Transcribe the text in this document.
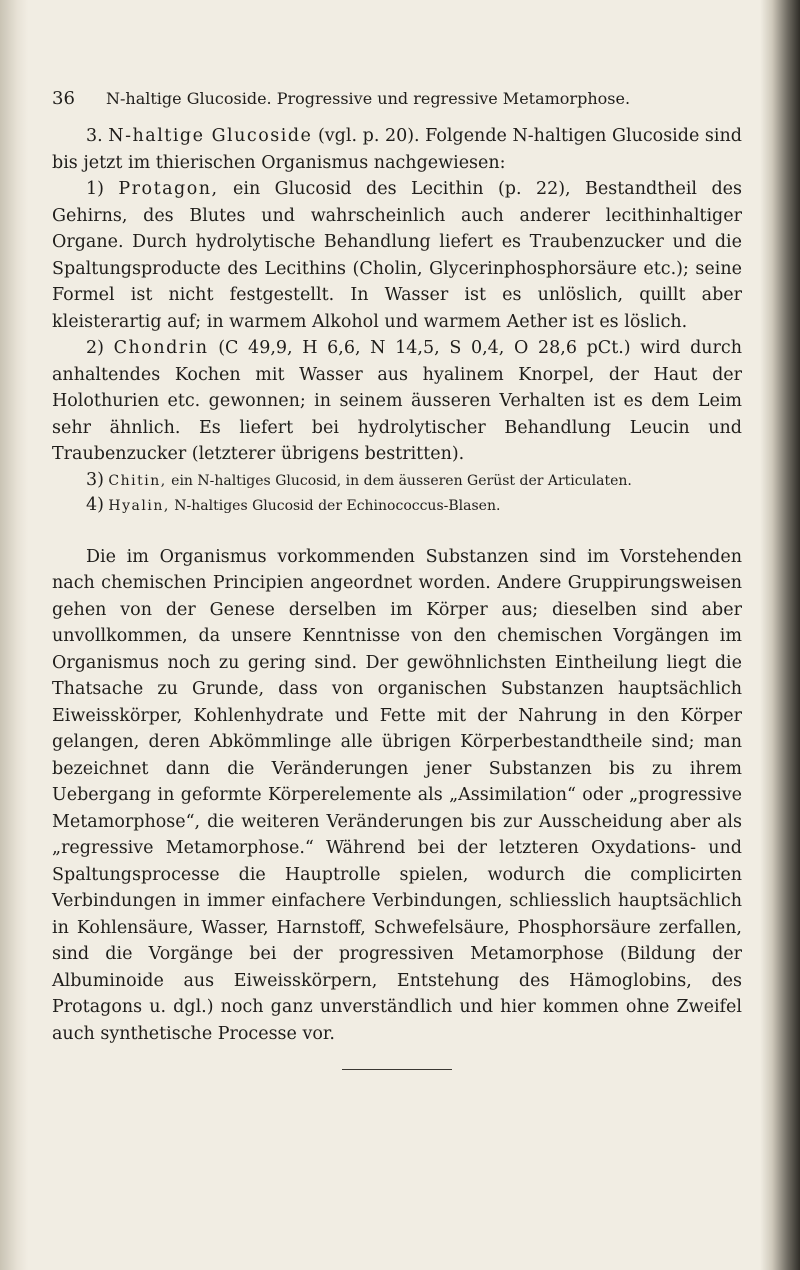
36 N-haltige Glucoside. Progressive und regressive Metamorphose.

3. N-haltige Glucoside (vgl. p. 20). Folgende N-haltigen Glucoside sind bis jetzt im thierischen Organismus nachgewiesen:

1) Protagon, ein Glucosid des Lecithin (p. 22), Bestandtheil des Gehirns, des Blutes und wahrscheinlich auch anderer lecithinhaltiger Organe. Durch hydrolytische Behandlung liefert es Traubenzucker und die Spaltungsproducte des Lecithins (Cholin, Glycerinphosphorsäure etc.); seine Formel ist nicht festgestellt. In Wasser ist es unlöslich, quillt aber kleisterartig auf; in warmem Alkohol und warmem Aether ist es löslich.

2) Chondrin (C 49,9, H 6,6, N 14,5, S 0,4, O 28,6 pCt.) wird durch anhaltendes Kochen mit Wasser aus hyalinem Knorpel, der Haut der Holothurien etc. gewonnen; in seinem äusseren Verhalten ist es dem Leim sehr ähnlich. Es liefert bei hydrolytischer Behandlung Leucin und Traubenzucker (letzterer übrigens bestritten).

3) Chitin, ein N-haltiges Glucosid, in dem äusseren Gerüst der Articulaten.

4) Hyalin, N-haltiges Glucosid der Echinococcus-Blasen.

Die im Organismus vorkommenden Substanzen sind im Vorstehenden nach chemischen Principien angeordnet worden. Andere Gruppirungsweisen gehen von der Genese derselben im Körper aus; dieselben sind aber unvollkommen, da unsere Kenntnisse von den chemischen Vorgängen im Organismus noch zu gering sind. Der gewöhnlichsten Eintheilung liegt die Thatsache zu Grunde, dass von organischen Substanzen hauptsächlich Eiweisskörper, Kohlenhydrate und Fette mit der Nahrung in den Körper gelangen, deren Abkömmlinge alle übrigen Körperbestandtheile sind; man bezeichnet dann die Veränderungen jener Substanzen bis zu ihrem Uebergang in geformte Körperelemente als „Assimilation“ oder „progressive Metamorphose“, die weiteren Veränderungen bis zur Ausscheidung aber als „regressive Metamorphose.“ Während bei der letzteren Oxydations- und Spaltungsprocesse die Hauptrolle spielen, wodurch die complicirten Verbindungen in immer einfachere Verbindungen, schliesslich hauptsächlich in Kohlensäure, Wasser, Harnstoff, Schwefelsäure, Phosphorsäure zerfallen, sind die Vorgänge bei der progressiven Metamorphose (Bildung der Albuminoide aus Eiweisskörpern, Entstehung des Hämoglobins, des Protagons u. dgl.) noch ganz unverständlich und hier kommen ohne Zweifel auch synthetische Processe vor.
